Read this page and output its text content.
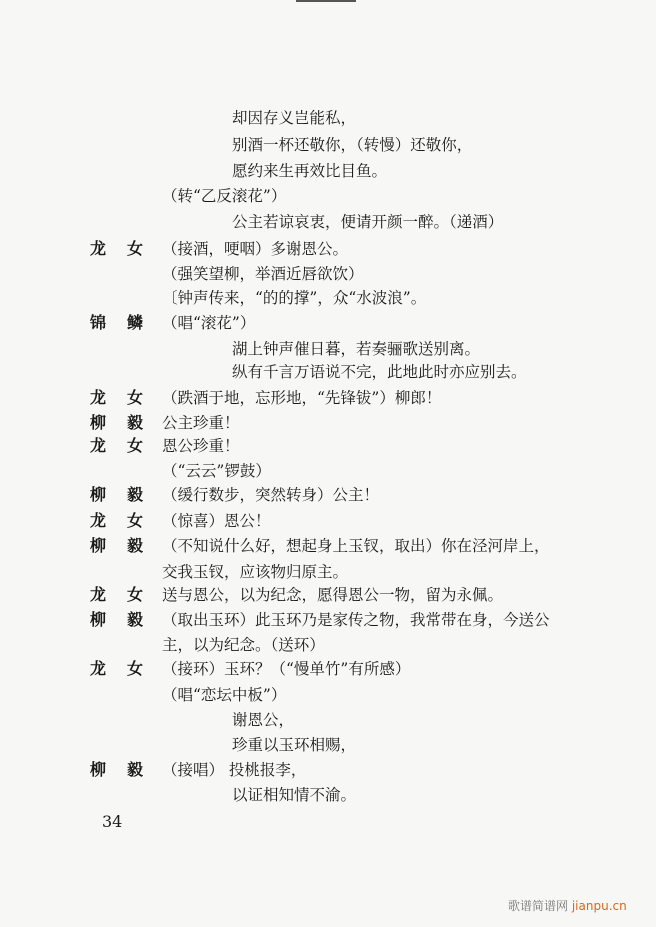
却因存义岂能私，
别酒一杯还敬你，（转慢）还敬你，
愿约来生再效比目鱼。
（转“乙反滚花”）
公主若谅哀衷，便请开颜一醉。（递酒）
龙女
（接酒，哽咽）多谢恩公。
（强笑望柳，举酒近唇欲饮）
〔钟声传来，“的的撑”，众“水波浪”。
锦鳞
（唱“滚花”）
湖上钟声催日暮，若奏骊歌送别离。
纵有千言万语说不完，此地此时亦应别去。
龙女
（跌酒于地，忘形地，“先锋钹”）柳郎！
柳毅
公主珍重！
龙女
恩公珍重！
（“云云”锣鼓）
柳毅
（缓行数步，突然转身）公主！
龙女
（惊喜）恩公！
柳毅
（不知说什么好，想起身上玉钗，取出）你在泾河岸上，
交我玉钗，应该物归原主。
龙女
送与恩公，以为纪念，愿得恩公一物，留为永佩。
柳毅
（取出玉环）此玉环乃是家传之物，我常带在身，今送公
主，以为纪念。（送环）
龙女
（接环）玉环？（“慢单竹”有所感）
（唱“恋坛中板”）
谢恩公，
珍重以玉环相赐，
柳毅
（接唱） 投桃报李，
以证相知情不渝。
34
歌谱简谱网 jianpu.cn
